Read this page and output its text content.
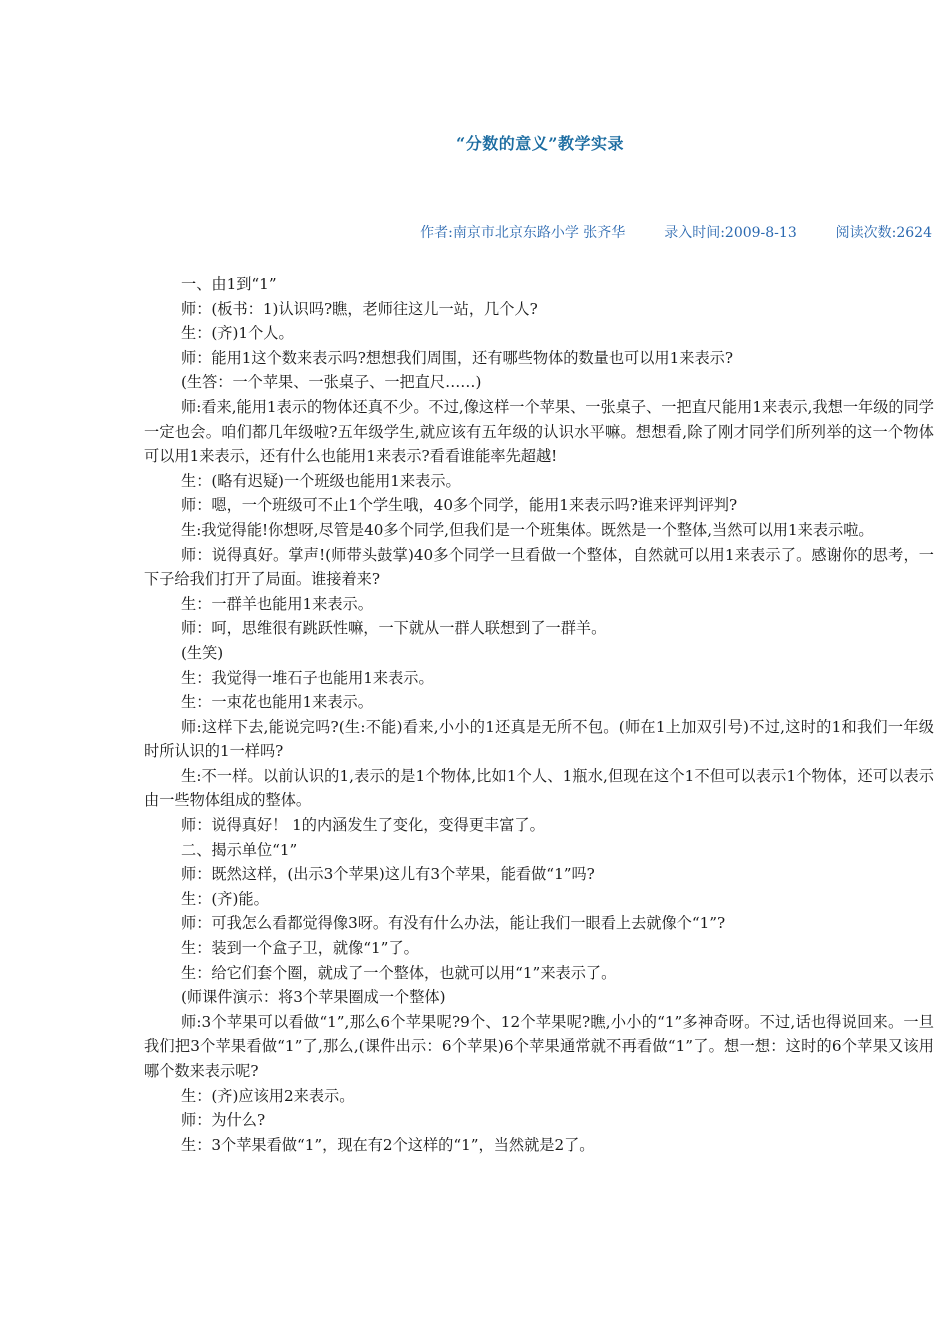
“分数的意义”教学实录
作者:南京市北京东路小学 张齐华	录入时间:2009-8-13	阅读次数:2624

一、由1到“1”

师：(板书：1)认识吗?瞧，老师往这儿一站，几个人?

生：(齐)1个人。

师：能用1这个数来表示吗?想想我们周围，还有哪些物体的数量也可以用1来表示?

(生答：一个苹果、一张桌子、一把直尺……)

师:看来,能用1表示的物体还真不少。不过,像这样一个苹果、一张桌子、一把直尺能用1来表示,我想一年级的同学一定也会。咱们都几年级啦?五年级学生,就应该有五年级的认识水平嘛。想想看,除了刚才同学们所列举的这一个物体可以用1来表示，还有什么也能用1来表示?看看谁能率先超越!

生：(略有迟疑)一个班级也能用1来表示。

师：嗯，一个班级可不止1个学生哦，40多个同学，能用1来表示吗?谁来评判评判?

生:我觉得能!你想呀,尽管是40多个同学,但我们是一个班集体。既然是一个整体,当然可以用1来表示啦。

师：说得真好。掌声!(师带头鼓掌)40多个同学一旦看做一个整体，自然就可以用1来表示了。感谢你的思考，一下子给我们打开了局面。谁接着来?

生：一群羊也能用1来表示。

师：呵，思维很有跳跃性嘛，一下就从一群人联想到了一群羊。

(生笑)

生：我觉得一堆石子也能用1来表示。

生：一束花也能用1来表示。

师:这样下去,能说完吗?(生:不能)看来,小小的1还真是无所不包。(师在1上加双引号)不过,这时的1和我们一年级时所认识的1一样吗?

生:不一样。以前认识的1,表示的是1个物体,比如1个人、1瓶水,但现在这个1不但可以表示1个物体，还可以表示由一些物体组成的整体。

师：说得真好！ 1的内涵发生了变化，变得更丰富了。

二、揭示单位“1”

师：既然这样，(出示3个苹果)这儿有3个苹果，能看做“1”吗?

生：(齐)能。

师：可我怎么看都觉得像3呀。有没有什么办法，能让我们一眼看上去就像个“1”?

生：装到一个盒子卫，就像“1”了。

生：给它们套个圈，就成了一个整体，也就可以用“1”来表示了。

(师课件演示：将3个苹果圈成一个整体)

师:3个苹果可以看做“1”,那么6个苹果呢?9个、12个苹果呢?瞧,小小的“1”多神奇呀。不过,话也得说回来。一旦我们把3个苹果看做“1”了,那么,(课件出示：6个苹果)6个苹果通常就不再看做“1”了。想一想：这时的6个苹果又该用哪个数来表示呢?

生：(齐)应该用2来表示。

师：为什么?

生：3个苹果看做“1”，现在有2个这样的“1”，当然就是2了。
